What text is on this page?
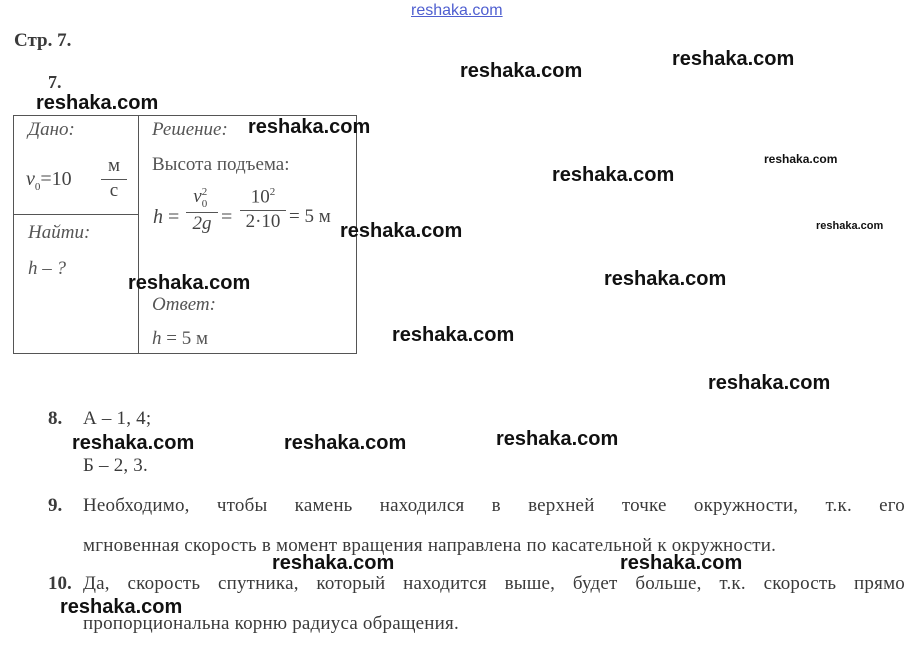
reshaka.com
Стр. 7.
7.
Дано:
$v_0=10$
м
с
Найти:
h – ?
Решение:
Высота подъема:
h = v 2
0
$2g = \frac{10^2}{2\cdot 10} = 5$ м
Ответ:
h = 5 м
8. А – 1, 4;
Б – 2, 3.
9. Необходимо, чтобы камень находился в верхней точке окружности, т.к. его
мгновенная скорость в момент вращения направлена по касательной к окружности.
10. Да, скорость спутника, который находится выше, будет больше, т.к. скорость прямо
пропорциональна корню радиуса обращения.
reshaka.com
reshaka.com
reshaka.com
reshaka.com
reshaka.com
reshaka.com
reshaka.com
reshaka.com
reshaka.com
reshaka.com
reshaka.com
reshaka.com
reshaka.com	reshaka.com	reshaka.com
reshaka.com	reshaka.com
reshaka.com
